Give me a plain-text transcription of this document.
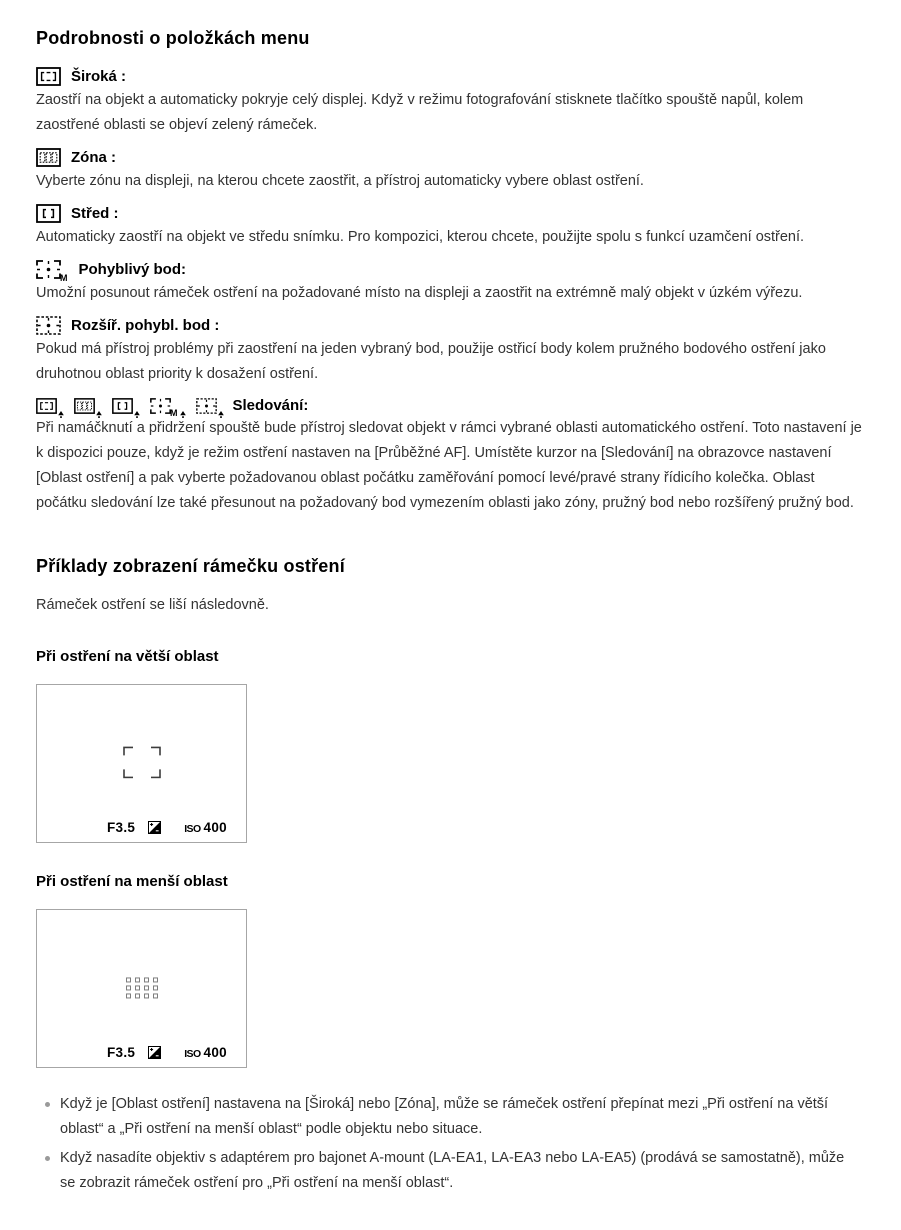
Podrobnosti o položkách menu
Široká :

Zaostří na objekt a automaticky pokryje celý displej. Když v režimu fotografování stisknete tlačítko spouště napůl, kolem zaostřené oblasti se objeví zelený rámeček.

Zóna :

Vyberte zónu na displeji, na kterou chcete zaostřit, a přístroj automaticky vybere oblast ostření.

Střed :

Automaticky zaostří na objekt ve středu snímku. Pro kompozici, kterou chcete, použijte spolu s funkcí uzamčení ostření.

M Pohyblivý bod:

Umožní posunout rámeček ostření na požadované místo na displeji a zaostřit na extrémně malý objekt v úzkém výřezu.

Rozšíř. pohybl. bod :

Pokud má přístroj problémy při zaostření na jeden vybraný bod, použije ostřicí body kolem pružného bodového ostření jako druhotnou oblast priority k dosažení ostření.

M	Sledování:

Při namáčknutí a přidržení spouště bude přístroj sledovat objekt v rámci vybrané oblasti automatického ostření. Toto nastavení je k dispozici pouze, když je režim ostření nastaven na [Průběžné AF]. Umístěte kurzor na [Sledování] na obrazovce nastavení [Oblast ostření] a pak vyberte požadovanou oblast počátku zaměřování pomocí levé/pravé strany řídicího kolečka. Oblast počátku sledování lze také přesunout na požadovaný bod vymezením oblasti jako zóny, pružný bod nebo rozšířený pružný bod.

Příklady zobrazení rámečku ostření

Rámeček ostření se liší následovně.

Při ostření na větší oblast

F3.5	ISO 400

Při ostření na menší oblast

F3.5	ISO 400
Když je [Oblast ostření] nastavena na [Široká] nebo [Zóna], může se rámeček ostření přepínat mezi „Při ostření na větší oblast“ a „Při ostření na menší oblast“ podle objektu nebo situace.
Když nasadíte objektiv s adaptérem pro bajonet A-mount (LA-EA1, LA-EA3 nebo LA-EA5) (prodává se samostatně), může se zobrazit rámeček ostření pro „Při ostření na menší oblast“.
